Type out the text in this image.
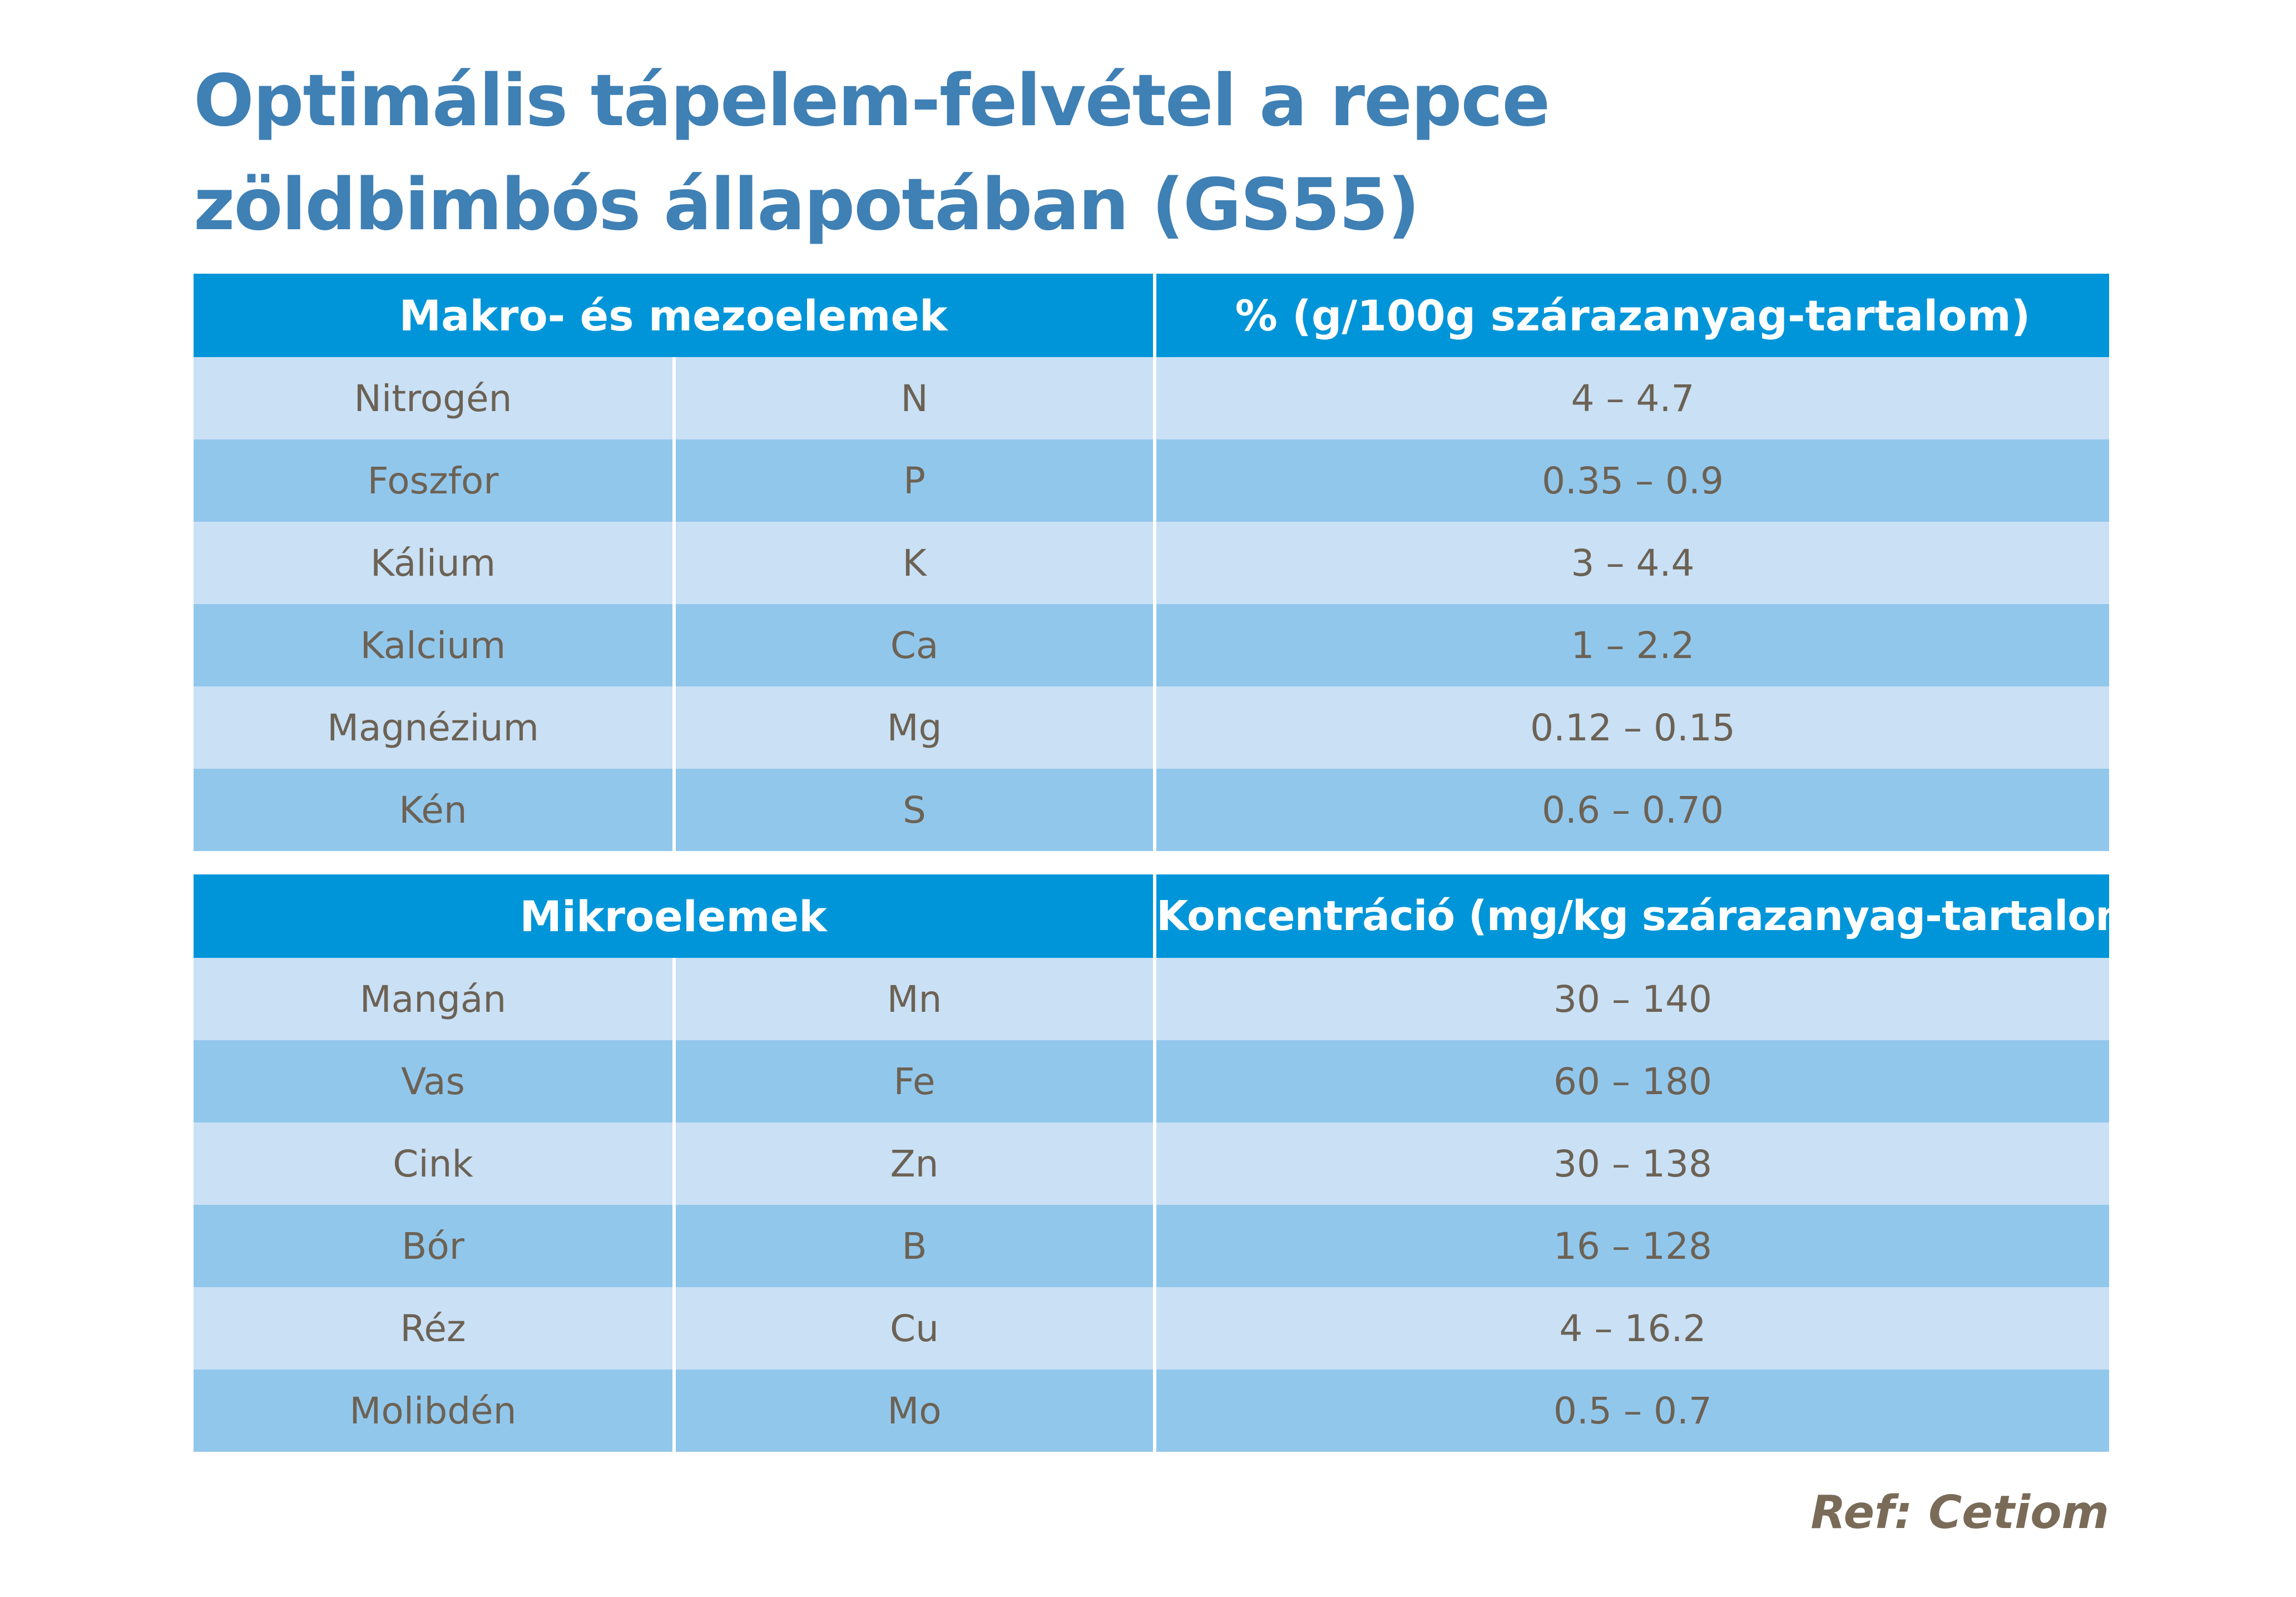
Optimális tápelem-felvétel a repce
zöldbimbós állapotában (GS55)
Makro- és mezoelemek		% (g/100g szárazanyag-tartalom)
Nitrogén	N	4 – 4.7
Foszfor	P	0.35 – 0.9
Kálium	K	3 – 4.4
Kalcium	Ca	1 – 2.2
Magnézium	Mg	0.12 – 0.15
Kén	S	0.6 – 0.70
Mikroelemek		Koncentráció (mg/kg szárazanyag-tartalom)
Mangán	Mn	30 – 140
Vas	Fe	60 – 180
Cink	Zn	30 – 138
Bór	B	16 – 128
Réz	Cu	4 – 16.2
Molibdén	Mo	0.5 – 0.7
Ref: Cetiom
